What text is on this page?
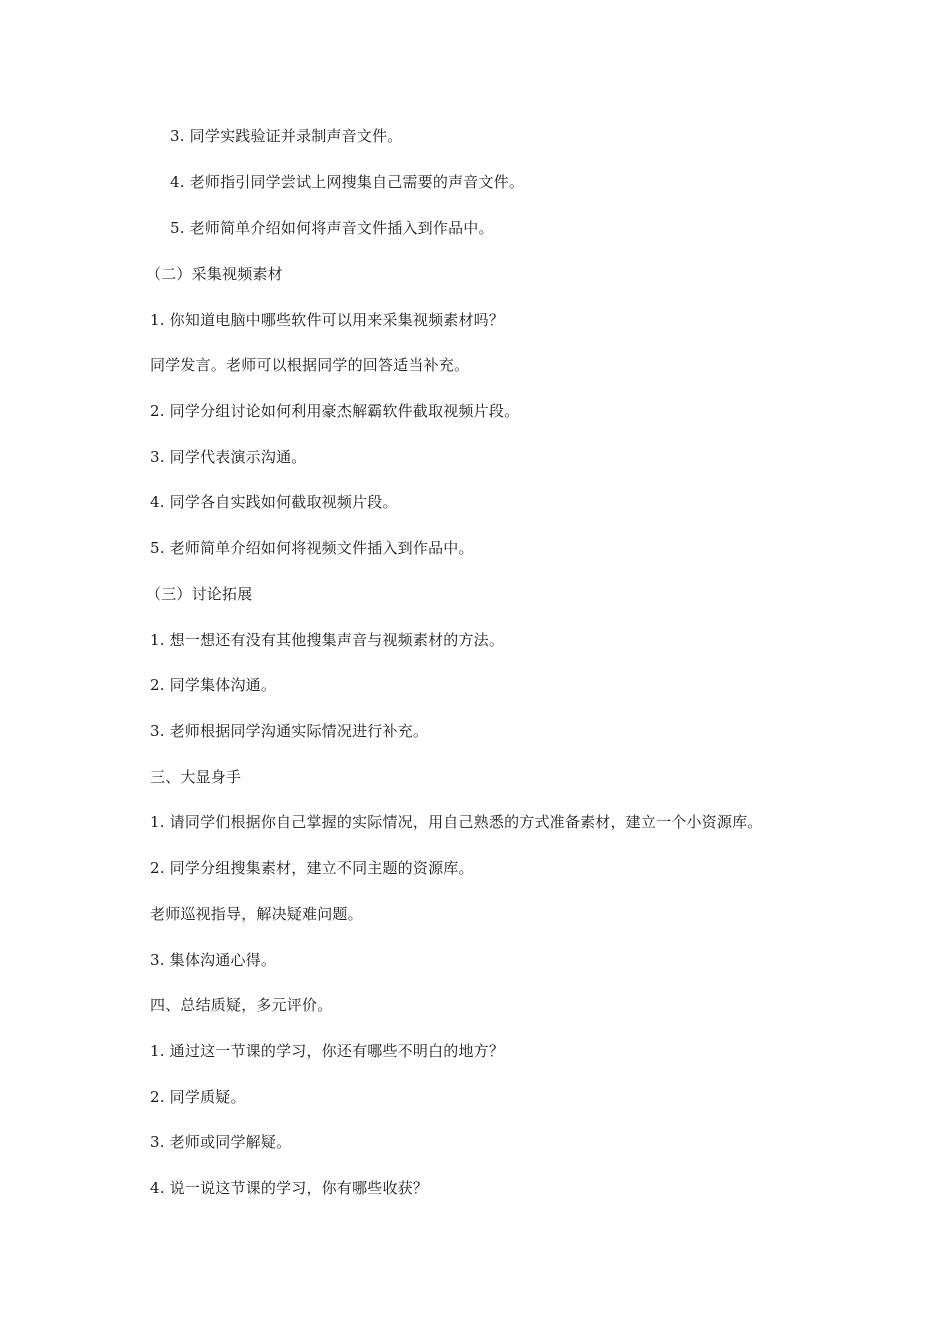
3. 同学实践验证并录制声音文件。
4. 老师指引同学尝试上网搜集自己需要的声音文件。
5. 老师简单介绍如何将声音文件插入到作品中。
（二）采集视频素材
1. 你知道电脑中哪些软件可以用来采集视频素材吗？
同学发言。老师可以根据同学的回答适当补充。
2. 同学分组讨论如何利用豪杰解霸软件截取视频片段。
3. 同学代表演示沟通。
4. 同学各自实践如何截取视频片段。
5. 老师简单介绍如何将视频文件插入到作品中。
（三）讨论拓展
1. 想一想还有没有其他搜集声音与视频素材的方法。
2. 同学集体沟通。
3. 老师根据同学沟通实际情况进行补充。
三、大显身手
1. 请同学们根据你自己掌握的实际情况，用自己熟悉的方式准备素材，建立一个小资源库。
2. 同学分组搜集素材，建立不同主题的资源库。
老师巡视指导，解决疑难问题。
3. 集体沟通心得。
四、总结质疑，多元评价。
1. 通过这一节课的学习，你还有哪些不明白的地方？
2. 同学质疑。
3. 老师或同学解疑。
4. 说一说这节课的学习，你有哪些收获？
